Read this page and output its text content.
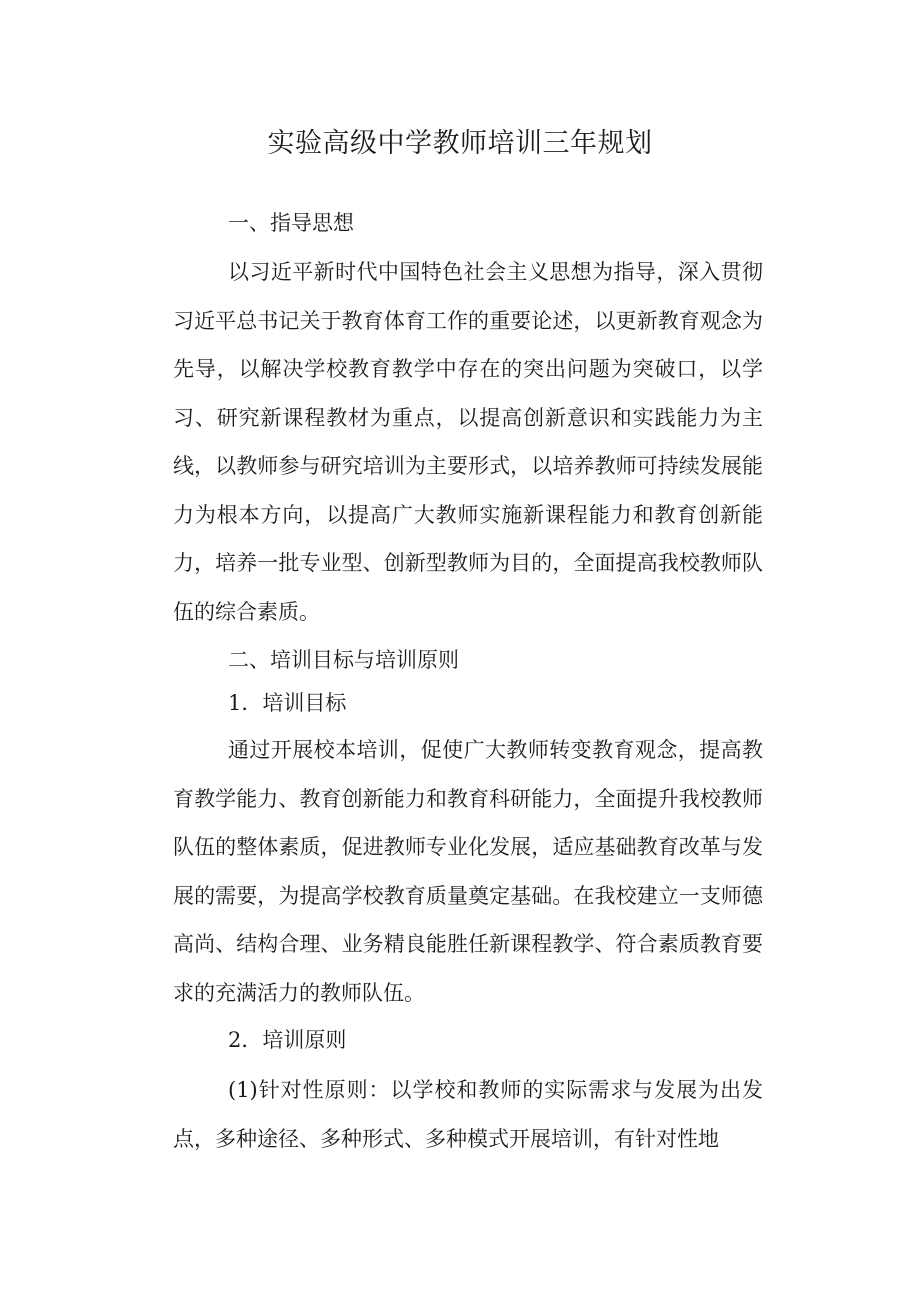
实验高级中学教师培训三年规划

一、指导思想

以习近平新时代中国特色社会主义思想为指导，深入贯彻习近平总书记关于教育体育工作的重要论述，以更新教育观念为先导，以解决学校教育教学中存在的突出问题为突破口，以学习、研究新课程教材为重点，以提高创新意识和实践能力为主线，以教师参与研究培训为主要形式，以培养教师可持续发展能力为根本方向，以提高广大教师实施新课程能力和教育创新能力，培养一批专业型、创新型教师为目的，全面提高我校教师队伍的综合素质。

二、培训目标与培训原则

1．培训目标

通过开展校本培训，促使广大教师转变教育观念，提高教育教学能力、教育创新能力和教育科研能力，全面提升我校教师队伍的整体素质，促进教师专业化发展，适应基础教育改革与发展的需要，为提高学校教育质量奠定基础。在我校建立一支师德高尚、结构合理、业务精良能胜任新课程教学、符合素质教育要求的充满活力的教师队伍。

2．培训原则

(1)针对性原则：以学校和教师的实际需求与发展为出发点，多种途径、多种形式、多种模式开展培训，有针对性地
